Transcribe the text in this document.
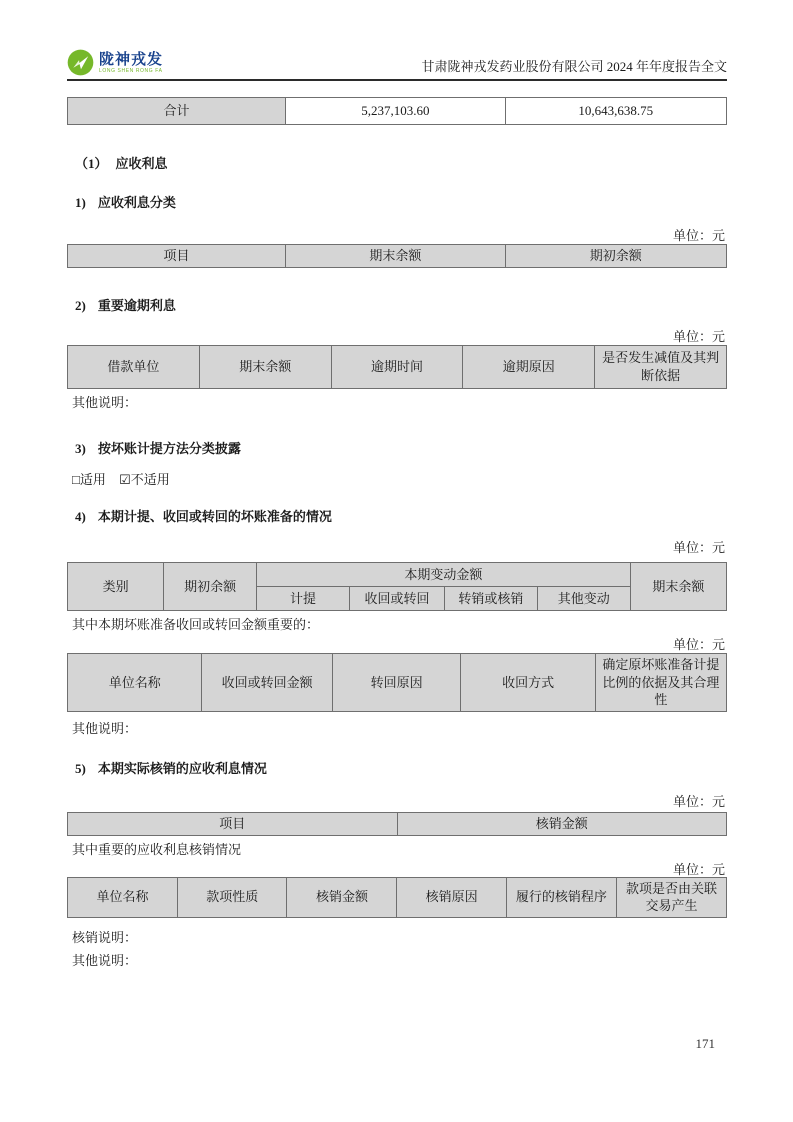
陇神戎发
LONG SHEN RONG FA	甘肃陇神戎发药业股份有限公司 2024 年年度报告全文
合计	5,237,103.60	10,643,638.75
（1） 应收利息
1) 应收利息分类
单位：元
项目	期末余额	期初余额
2) 重要逾期利息
单位：元
借款单位	期末余额	逾期时间	逾期原因	是否发生减值及其判断依据
其他说明：
3) 按坏账计提方法分类披露
□适用 ☑不适用
4) 本期计提、收回或转回的坏账准备的情况
单位：元
类别	期初余额	本期变动金额				期末余额
		计提	收回或转回	转销或核销	其他变动	
其中本期坏账准备收回或转回金额重要的：
单位：元
单位名称	收回或转回金额	转回原因	收回方式	确定原坏账准备计提比例的依据及其合理性
其他说明：
5) 本期实际核销的应收利息情况
单位：元
项目	核销金额
其中重要的应收利息核销情况
单位：元
单位名称	款项性质	核销金额	核销原因	履行的核销程序	款项是否由关联交易产生
核销说明：
其他说明：
171
